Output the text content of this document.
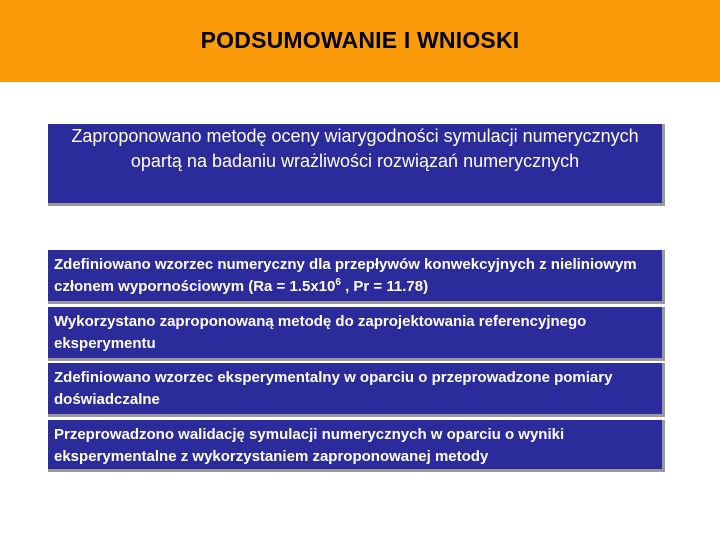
PODSUMOWANIE I WNIOSKI
Zaproponowano metodę oceny wiarygodności symulacji numerycznych opartą na badaniu wrażliwości rozwiązań numerycznych
Zdefiniowano wzorzec numeryczny dla przepływów konwekcyjnych z nieliniowym członem wypornościowym ($Ra = 1.5x10^6$ , Pr = 11.78)
Wykorzystano zaproponowaną metodę do zaprojektowania referencyjnego eksperymentu
Zdefiniowano wzorzec eksperymentalny w oparciu o przeprowadzone pomiary doświadczalne
Przeprowadzono walidację symulacji numerycznych w oparciu o wyniki eksperymentalne z wykorzystaniem zaproponowanej metody
